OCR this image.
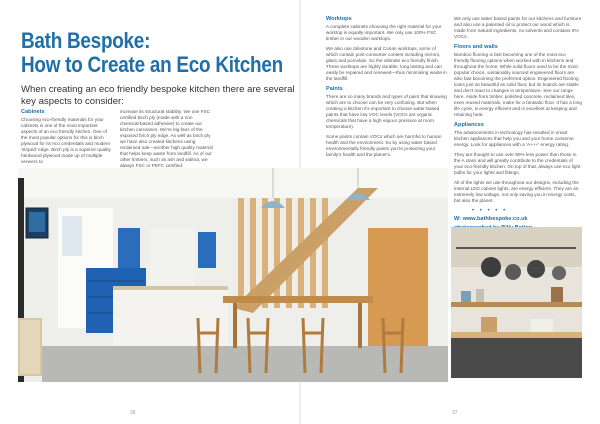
Bath Bespoke:
How to Create an Eco Kitchen
When creating an eco friendly bespoke kitchen there are several key aspects to consider:
Cabinets

Choosing eco-friendly materials for your cabinets is one of the most important aspects of an eco friendly kitchen. One of the most popular options for this is birch plywood for its eco credentials and modern 'striped' edge. Birch ply is a superior quality hardwood plywood made up of multiple veneers to

increase its structural stability. We use FSC certified birch ply (made with a non chemical-based adhesive) to create our kitchen carcasses. We're big fans of the exposed birch ply edge. As well as birch ply we have also created kitchens using reclaimed oak—another high quality material that helps keep waste from landfill. As of our other timbers, such as ash and walnut, we always FSC or PEFC certified.

Worktops

A complete cabinets choosing the right material for your worktop is equally important. We only use 100% FSC timber in our wooden worktops.

We also use Silestone and Corian worktops, some of which contain post-consumer content including mirrors, glass and porcelain. So the ultimate eco friendly finish. These worktops are highly durable, long lasting and can easily be repaired and renewed—thus minimising waste in the landfill.

Paints

There are so many brands and types of paint that knowing which are to choose can be very confusing. But when creating a kitchen it's important to choose water-based paints that have low VOC levels (VOCs are organic chemicals that have a high vapour pressure at room temperature).

Some paints contain VOCs which are harmful to human health and the environment. So by using water based environmentally friendly paints you're protecting your family's health and the planet's.

We only use water based paints for our kitchens and furniture and also use a patented oil to protect our wood which is made from natural ingredients, no solvents and contains 0% VOCs.

Floors and walls

Bamboo flooring is fast becoming one of the most eco friendly flooring options when worked with in kitchens and throughout the home. While solid floors used to be the most popular choice, sustainably sourced engineered floors are also fast becoming the preferred option. Engineered flooring looks just as beautiful as solid floor, but its boards are stable and don't react to changes in temperature. See our range here. Aside from timber, polished concrete, reclaimed tiles, even reused materials, make for a fantastic floor. It has a long life cycle, is energy efficient and is excellent at keeping and retaining heat.

Appliances

The advancements in technology has resulted in smart kitchen appliances that help you and your home conserve energy. Look for appliances with a 'A+++' energy rating.

They are thought to use over 90% less power than those in the A class and will greatly contribute to the credentials of your eco-friendly kitchen. On top of that, always use eco light bulbs for your lights and fittings.

All of the lights we use throughout our designs, including the internal LED cabinet lights, are energy efficient. They are an extremely low voltage, not only saving you in energy costs, but also the planet.

• • • • •
W: www.bathbespoke.co.uk
36	37
